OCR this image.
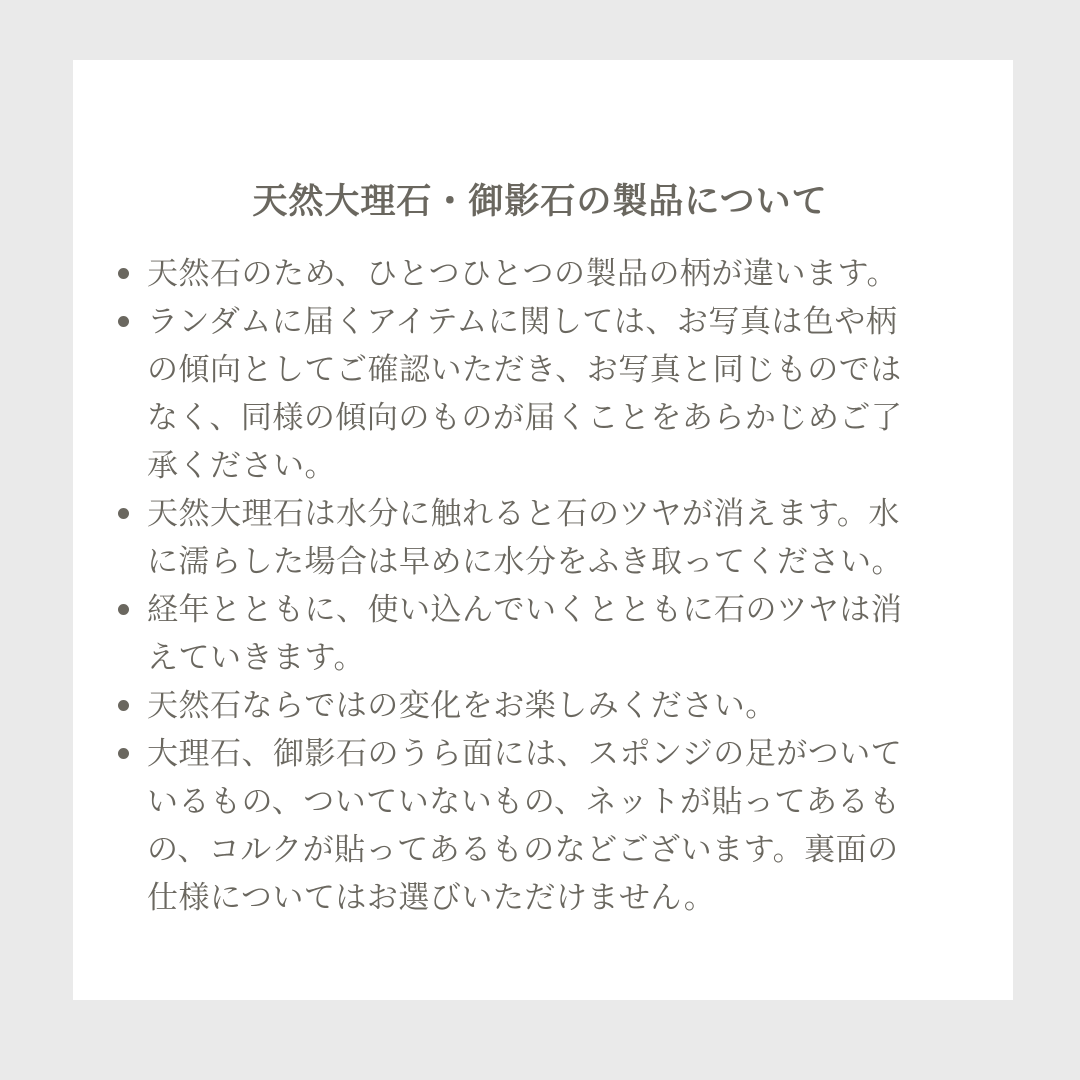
天然大理石・御影石の製品について
天然石のため、ひとつひとつの製品の柄が違います。
ランダムに届くアイテムに関しては、お写真は色や柄
の傾向としてご確認いただき、お写真と同じものでは
なく、同様の傾向のものが届くことをあらかじめご了
承ください。
天然大理石は水分に触れると石のツヤが消えます。水
に濡らした場合は早めに水分をふき取ってください。
経年とともに、使い込んでいくとともに石のツヤは消
えていきます。
天然石ならではの変化をお楽しみください。
大理石、御影石のうら面には、スポンジの足がついて
いるもの、ついていないもの、ネットが貼ってあるも
の、コルクが貼ってあるものなどございます。裏面の
仕様についてはお選びいただけません。
